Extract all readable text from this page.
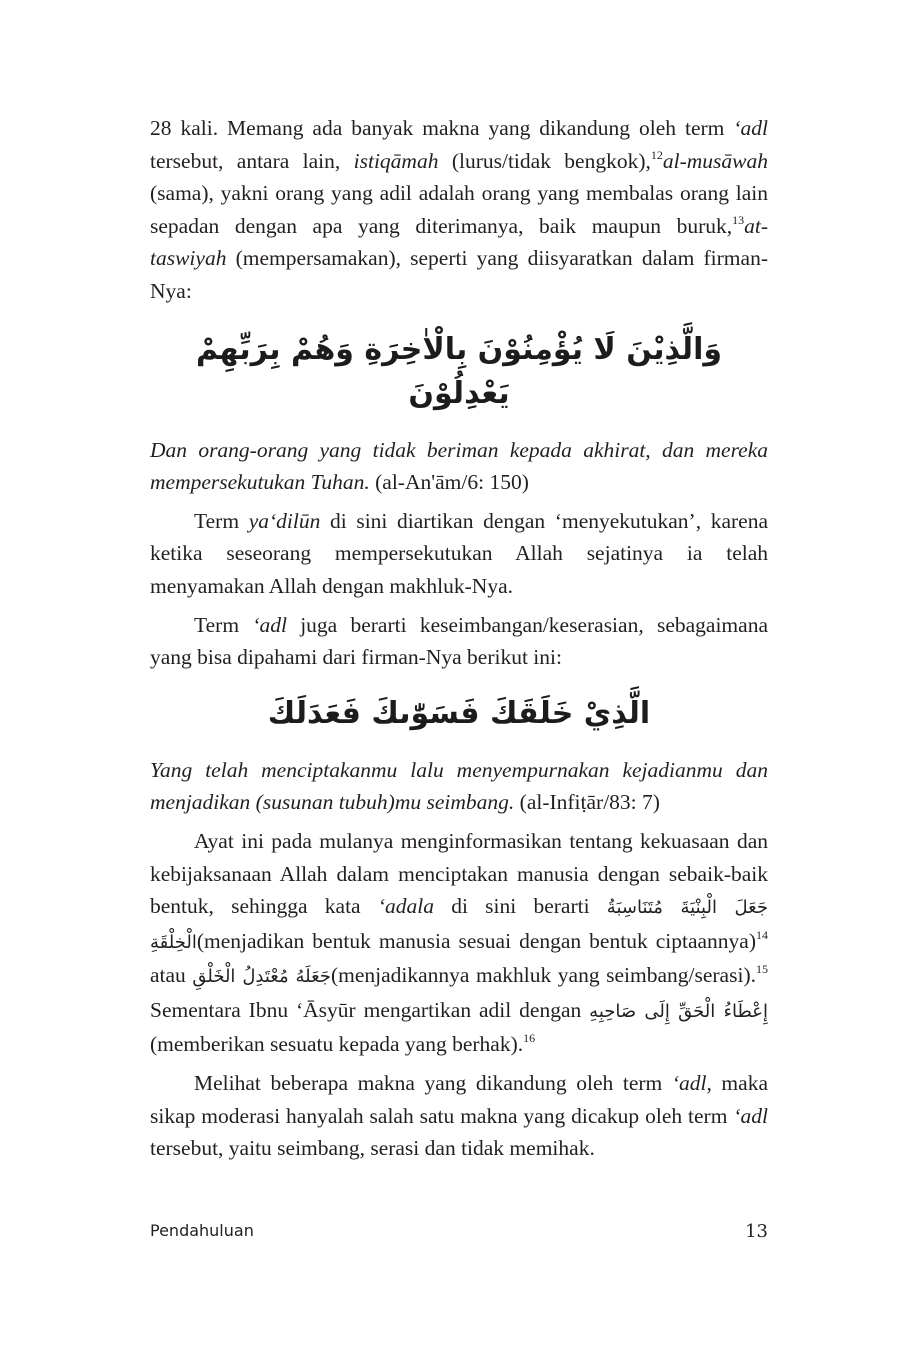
28 kali. Memang ada banyak makna yang dikandung oleh term ‘adl tersebut, antara lain, istiqāmah (lurus/tidak bengkok),$^{12}$al-musāwah (sama), yakni orang yang adil adalah orang yang membalas orang lain sepadan dengan apa yang diterimanya, baik maupun buruk,$^{13}$at-taswiyah (mempersamakan), seperti yang diisyaratkan dalam firman-Nya:

وَالَّذِيْنَ لَا يُؤْمِنُوْنَ بِالْاٰخِرَةِ وَهُمْ بِرَبِّهِمْ يَعْدِلُوْنَ

Dan orang-orang yang tidak beriman kepada akhirat, dan mereka mempersekutukan Tuhan. (al-An'ām/6: 150)

Term ya‘dilūn di sini diartikan dengan ‘menyekutukan’, karena ketika seseorang mempersekutukan Allah sejatinya ia telah menyamakan Allah dengan makhluk-Nya.

Term ‘adl juga berarti keseimbangan/keserasian, sebagaimana yang bisa dipahami dari firman-Nya berikut ini:

الَّذِيْ خَلَقَكَ فَسَوّٰىكَ فَعَدَلَكَ

Yang telah menciptakanmu lalu menyempurnakan kejadianmu dan menjadikan (susunan tubuh)mu seimbang. (al-Infiṭār/83: 7)

Ayat ini pada mulanya menginformasikan tentang kekuasaan dan kebijaksanaan Allah dalam menciptakan manusia dengan sebaik-baik bentuk, sehingga kata ‘adala di sini berarti جَعَلَ الْبِنْيَةَ مُتَنَاسِبَةُ الْخِلْقَةِ(menjadikan bentuk manusia sesuai dengan bentuk ciptaannya)$^{14}$ atau جَعَلَهُ مُعْتَدِلُ الْخَلْقِ(menjadikannya makhluk yang seimbang/serasi).$^{15}$ Sementara Ibnu ‘Āsyūr mengartikan adil dengan إِعْطَاءُ الْحَقِّ إِلَى صَاحِبِهِ (memberikan sesuatu kepada yang berhak).$^{16}$

Melihat beberapa makna yang dikandung oleh term ‘adl, maka sikap moderasi hanyalah salah satu makna yang dicakup oleh term ‘adl tersebut, yaitu seimbang, serasi dan tidak memihak.

Pendahuluan	13
